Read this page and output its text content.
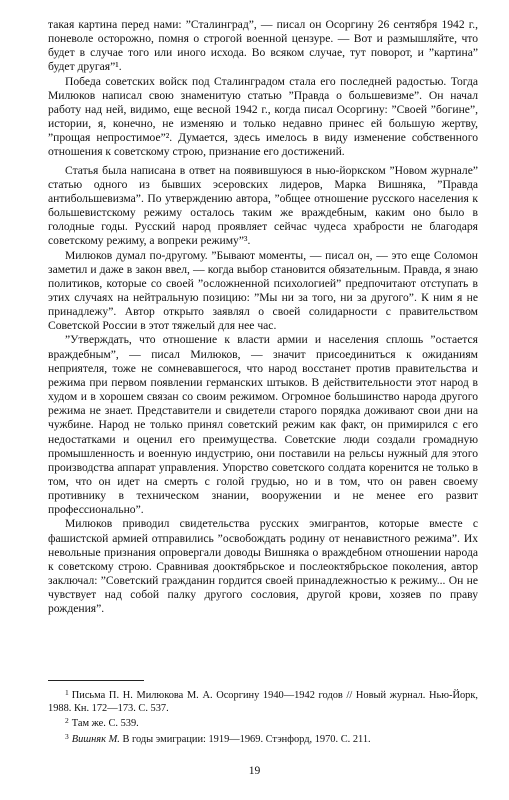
такая картина перед нами: ”Сталинград”, — писал он Осоргину 26 сентября 1942 г., поневоле осторожно, помня о строгой военной цензуре. — Вот и размышляйте, что будет в случае того или иного исхода. Во всяком случае, тут поворот, и ”картина” будет другая”¹.

Победа советских войск под Сталинградом стала его последней радостью. Тогда Милюков написал свою знаменитую статью ”Правда о большевизме”. Он начал работу над ней, видимо, еще весной 1942 г., когда писал Осоргину: ”Своей ”богине”, истории, я, конечно, не изменяю и только недавно принес ей большую жертву, ”прощая непростимое”². Думается, здесь имелось в виду изменение собственного отношения к советскому строю, признание его достижений.

Статья была написана в ответ на появившуюся в нью-йоркском ”Новом журнале” статью одного из бывших эсеровских лидеров, Марка Вишняка, ”Правда антибольшевизма”. По утверждению автора, ”общее отношение русского населения к большевистскому режиму осталось таким же враждебным, каким оно было в голодные годы. Русский народ проявляет сейчас чудеса храбрости не благодаря советскому режиму, а вопреки режиму”³.

Милюков думал по-другому. ”Бывают моменты, — писал он, — это еще Соломон заметил и даже в закон ввел, — когда выбор становится обязательным. Правда, я знаю политиков, которые со своей ”осложненной психологией” предпочитают отступать в этих случаях на нейтральную позицию: ”Мы ни за того, ни за другого”. К ним я не принадлежу”. Автор открыто заявлял о своей солидарности с правительством Советской России в этот тяжелый для нее час.

”Утверждать, что отношение к власти армии и населения сплошь ”остается враждебным”, — писал Милюков, — значит присоединиться к ожиданиям неприятеля, тоже не сомневавшегося, что народ восстанет против правительства и режима при первом появлении германских штыков. В действительности этот народ в худом и в хорошем связан со своим режимом. Огромное большинство народа другого режима не знает. Представители и свидетели старого порядка доживают свои дни на чужбине. Народ не только принял советский режим как факт, он примирился с его недостатками и оценил его преимущества. Советские люди создали громадную промышленность и военную индустрию, они поставили на рельсы нужный для этого производства аппарат управления. Упорство советского солдата коренится не только в том, что он идет на смерть с голой грудью, но и в том, что он равен своему противнику в техническом знании, вооружении и не менее его развит профессионально”.

Милюков приводил свидетельства русских эмигрантов, которые вместе с фашистской армией отправились ”освобождать родину от ненавистного режима”. Их невольные признания опровергали доводы Вишняка о враждебном отношении народа к советскому строю. Сравнивая дооктябрьское и послеоктябрьское поколения, автор заключал: ”Советский гражданин гордится своей принадлежностью к режиму... Он не чувствует над собой палку другого сословия, другой крови, хозяев по праву рождения”.

$^1$ Письма П. Н. Милюкова М. А. Осоргину 1940—1942 годов // Новый журнал. Нью-Йорк, 1988. Кн. 172—173. С. 537.

$^2$ Там же. С. 539.

$^3$ Вишняк М. В годы эмиграции: 1919—1969. Стэнфорд, 1970. С. 211.

19
